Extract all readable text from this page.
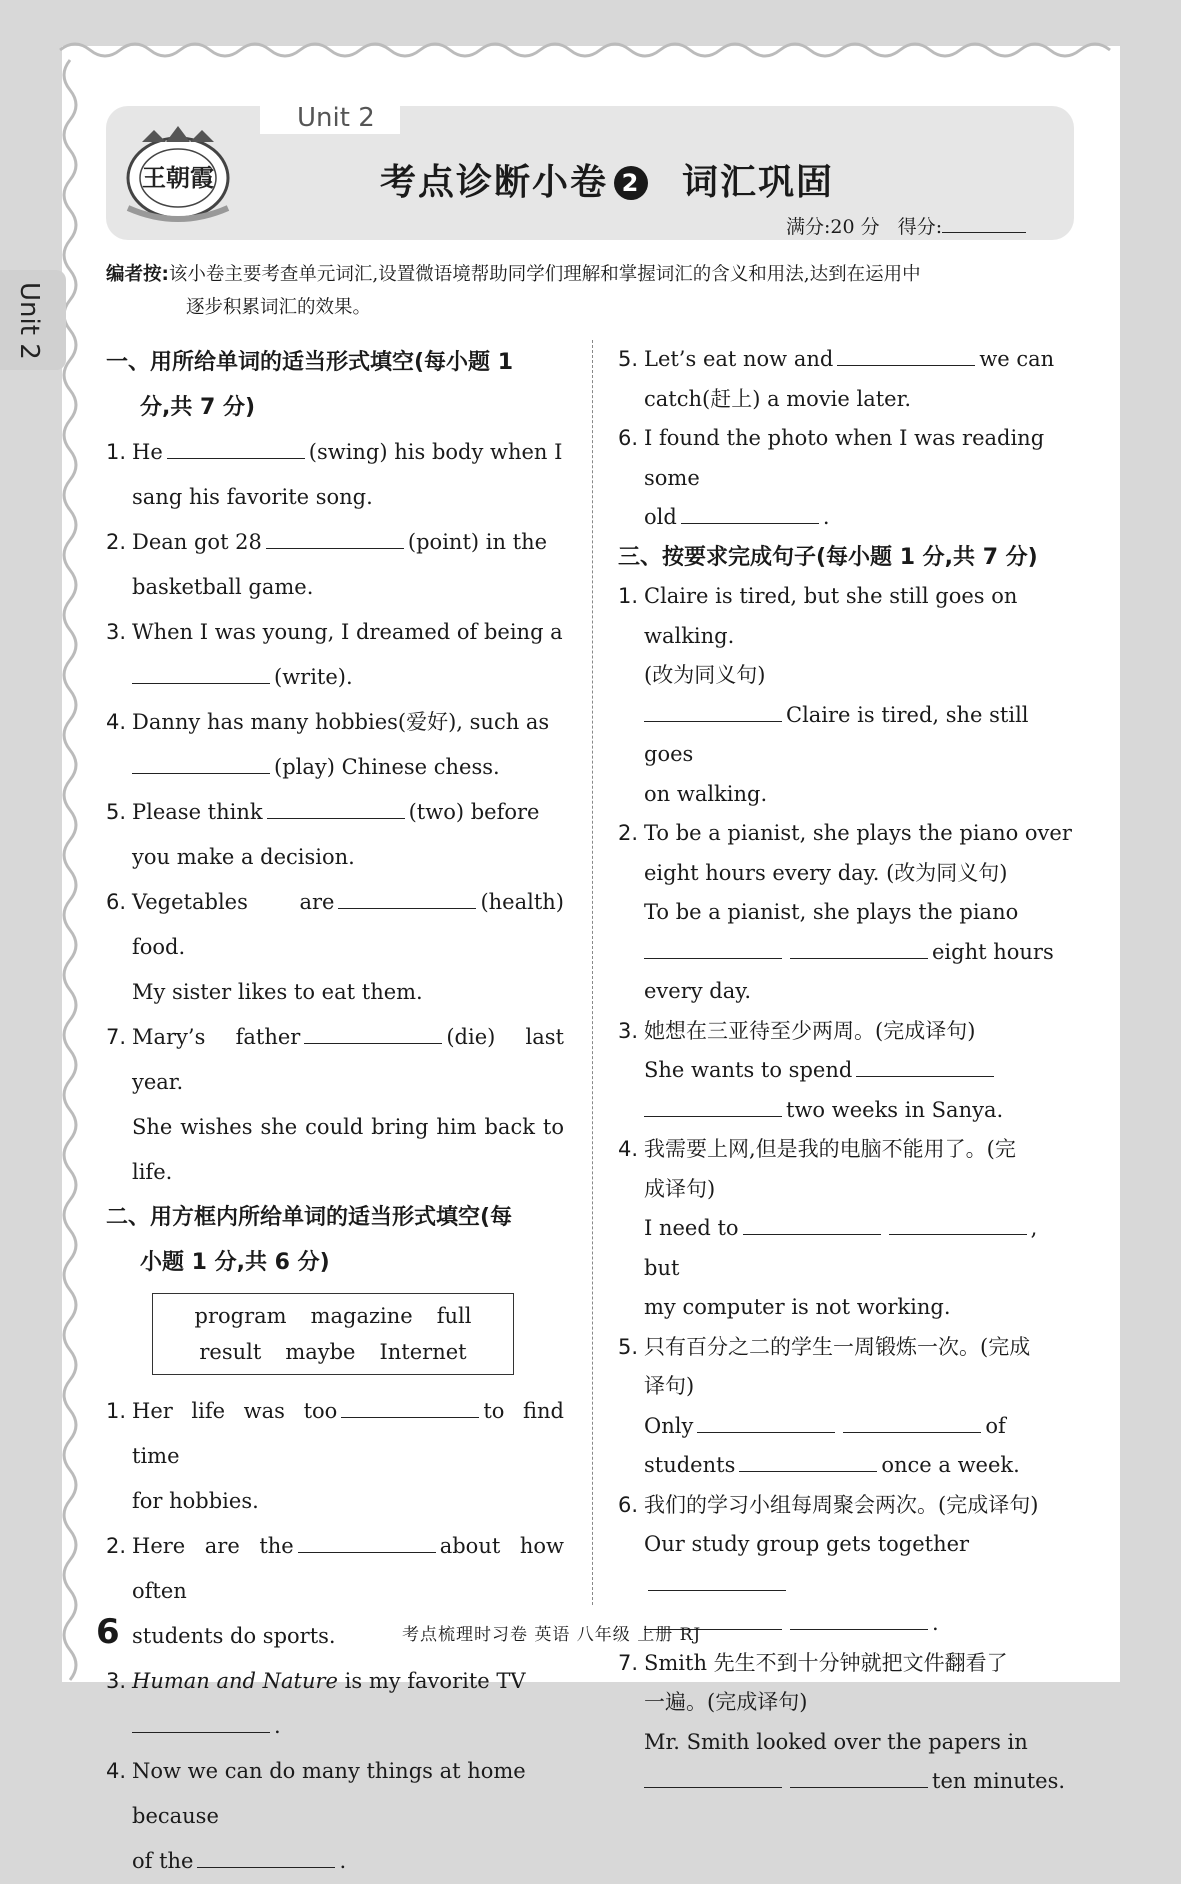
Unit 2
王朝霞	考点诊断小卷 2 词汇巩固
满分:20 分 得分:
Unit 2
编者按:该小卷主要考查单元词汇,设置微语境帮助同学们理解和掌握词汇的含义和用法,达到在运用中
逐步积累词汇的效果。
一、用所给单词的适当形式填空(每小题 1
分,共 7 分)
1. He	(swing) his body when I
sang his favorite song.
2. Dean got 28	(point) in the
basketball game.
3. When I was young, I dreamed of being a
(write).
4. Danny has many hobbies(爱好), such as
(play) Chinese chess.
5. Please think	(two) before
you make a decision.
6. Vegetables are	(health) food.
My sister likes to eat them.
7. Mary’s father	(die) last year.
She wishes she could bring him back to life.
二、用方框内所给单词的适当形式填空(每
小题 1 分,共 6 分)
program magazine full
result maybe Internet
1. Her life was too	to find time
for hobbies.
2. Here are the	about how often
students do sports.
3. Human and Nature is my favorite TV
.
4. Now we can do many things at home because
of the	.
5. Let’s eat now and	we can
catch(赶上) a movie later.
6. I found the photo when I was reading some
old	.
三、按要求完成句子(每小题 1 分,共 7 分)
1. Claire is tired, but she still goes on walking.
(改为同义句)
Claire is tired, she still goes
on walking.
2. To be a pianist, she plays the piano over
eight hours every day. (改为同义句)
To be a pianist, she plays the piano
eight hours
every day.
3. 她想在三亚待至少两周。(完成译句)
She wants to spend
two weeks in Sanya.
4. 我需要上网,但是我的电脑不能用了。(完
成译句)
I need to	, but
my computer is not working.
5. 只有百分之二的学生一周锻炼一次。(完成
译句)
Only	of
students	once a week.
6. 我们的学习小组每周聚会两次。(完成译句)
Our study group gets together
.
7. Smith 先生不到十分钟就把文件翻看了
一遍。(完成译句)
Mr. Smith looked over the papers in
ten minutes.
6	考点梳理时习卷 英语 八年级 上册 RJ
